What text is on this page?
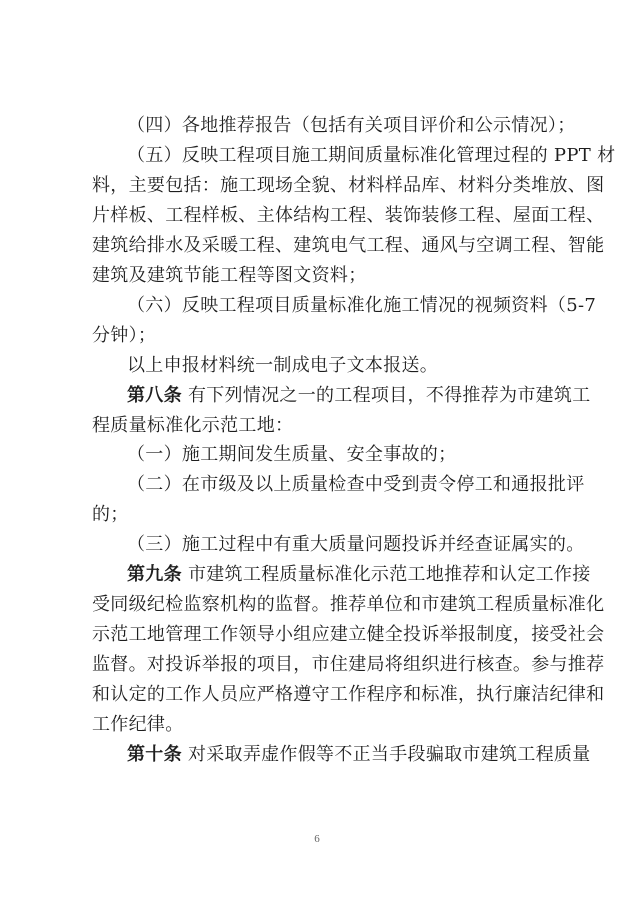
（四）各地推荐报告（包括有关项目评价和公示情况）；
（五）反映工程项目施工期间质量标准化管理过程的 PPT 材
料，主要包括：施工现场全貌、材料样品库、材料分类堆放、图
片样板、工程样板、主体结构工程、装饰装修工程、屋面工程、
建筑给排水及采暖工程、建筑电气工程、通风与空调工程、智能
建筑及建筑节能工程等图文资料；
（六）反映工程项目质量标准化施工情况的视频资料（5-7
分钟）；
以上申报材料统一制成电子文本报送。
第八条 有下列情况之一的工程项目，不得推荐为市建筑工
程质量标准化示范工地：
（一）施工期间发生质量、安全事故的；
（二）在市级及以上质量检查中受到责令停工和通报批评
的；
（三）施工过程中有重大质量问题投诉并经查证属实的。
第九条 市建筑工程质量标准化示范工地推荐和认定工作接
受同级纪检监察机构的监督。推荐单位和市建筑工程质量标准化
示范工地管理工作领导小组应建立健全投诉举报制度，接受社会
监督。对投诉举报的项目，市住建局将组织进行核查。参与推荐
和认定的工作人员应严格遵守工作程序和标准，执行廉洁纪律和
工作纪律。
第十条 对采取弄虚作假等不正当手段骗取市建筑工程质量
6
